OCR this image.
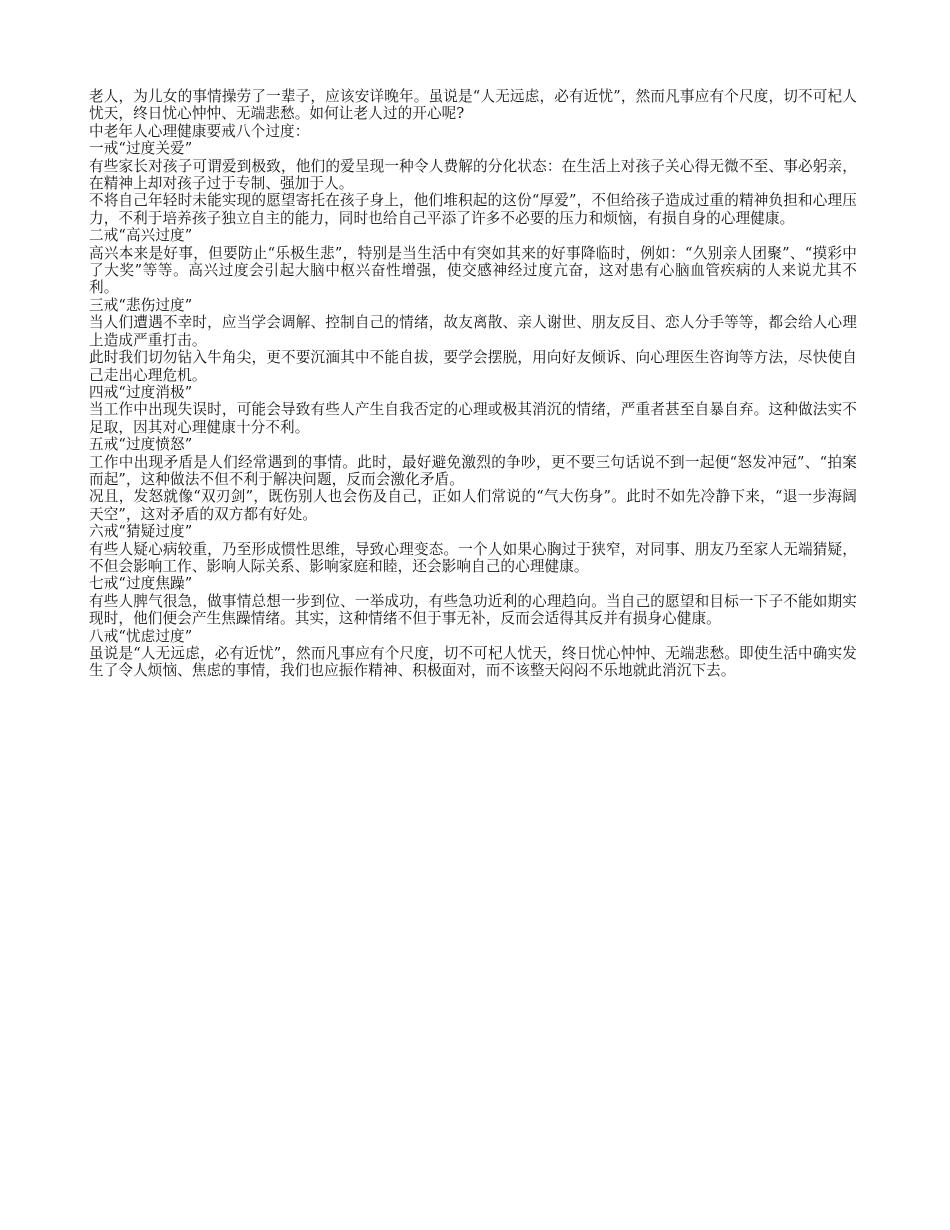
老人，为儿女的事情操劳了一辈子，应该安详晚年。虽说是“人无远虑，必有近忧”，然而凡事应有个尺度，切不可杞人忧天，终日忧心忡忡、无端悲愁。如何让老人过的开心呢?

中老年人心理健康要戒八个过度：

一戒“过度关爱”

有些家长对孩子可谓爱到极致，他们的爱呈现一种令人费解的分化状态：在生活上对孩子关心得无微不至、事必躬亲，在精神上却对孩子过于专制、强加于人。

不将自己年轻时未能实现的愿望寄托在孩子身上，他们堆积起的这份“厚爱”，不但给孩子造成过重的精神负担和心理压力，不利于培养孩子独立自主的能力，同时也给自己平添了许多不必要的压力和烦恼，有损自身的心理健康。

二戒“高兴过度”

高兴本来是好事，但要防止“乐极生悲”，特别是当生活中有突如其来的好事降临时，例如：“久别亲人团聚”、“摸彩中了大奖”等等。高兴过度会引起大脑中枢兴奋性增强，使交感神经过度亢奋，这对患有心脑血管疾病的人来说尤其不利。

三戒“悲伤过度”

当人们遭遇不幸时，应当学会调解、控制自己的情绪，故友离散、亲人谢世、朋友反目、恋人分手等等，都会给人心理上造成严重打击。

此时我们切勿钻入牛角尖，更不要沉湎其中不能自拔，要学会摆脱，用向好友倾诉、向心理医生咨询等方法，尽快使自己走出心理危机。

四戒“过度消极”

当工作中出现失误时，可能会导致有些人产生自我否定的心理或极其消沉的情绪，严重者甚至自暴自弃。这种做法实不足取，因其对心理健康十分不利。

五戒“过度愤怒”

工作中出现矛盾是人们经常遇到的事情。此时，最好避免激烈的争吵，更不要三句话说不到一起便“怒发冲冠”、“拍案而起”，这种做法不但不利于解决问题，反而会激化矛盾。

况且，发怒就像“双刃剑”，既伤别人也会伤及自己，正如人们常说的“气大伤身”。此时不如先冷静下来，“退一步海阔天空”，这对矛盾的双方都有好处。

六戒“猜疑过度”

有些人疑心病较重，乃至形成惯性思维，导致心理变态。一个人如果心胸过于狭窄，对同事、朋友乃至家人无端猜疑，不但会影响工作、影响人际关系、影响家庭和睦，还会影响自己的心理健康。

七戒“过度焦躁”

有些人脾气很急，做事情总想一步到位、一举成功，有些急功近利的心理趋向。当自己的愿望和目标一下子不能如期实现时，他们便会产生焦躁情绪。其实，这种情绪不但于事无补，反而会适得其反并有损身心健康。

八戒“忧虑过度”

虽说是“人无远虑，必有近忧”，然而凡事应有个尺度，切不可杞人忧天，终日忧心忡忡、无端悲愁。即使生活中确实发生了令人烦恼、焦虑的事情，我们也应振作精神、积极面对，而不该整天闷闷不乐地就此消沉下去。
